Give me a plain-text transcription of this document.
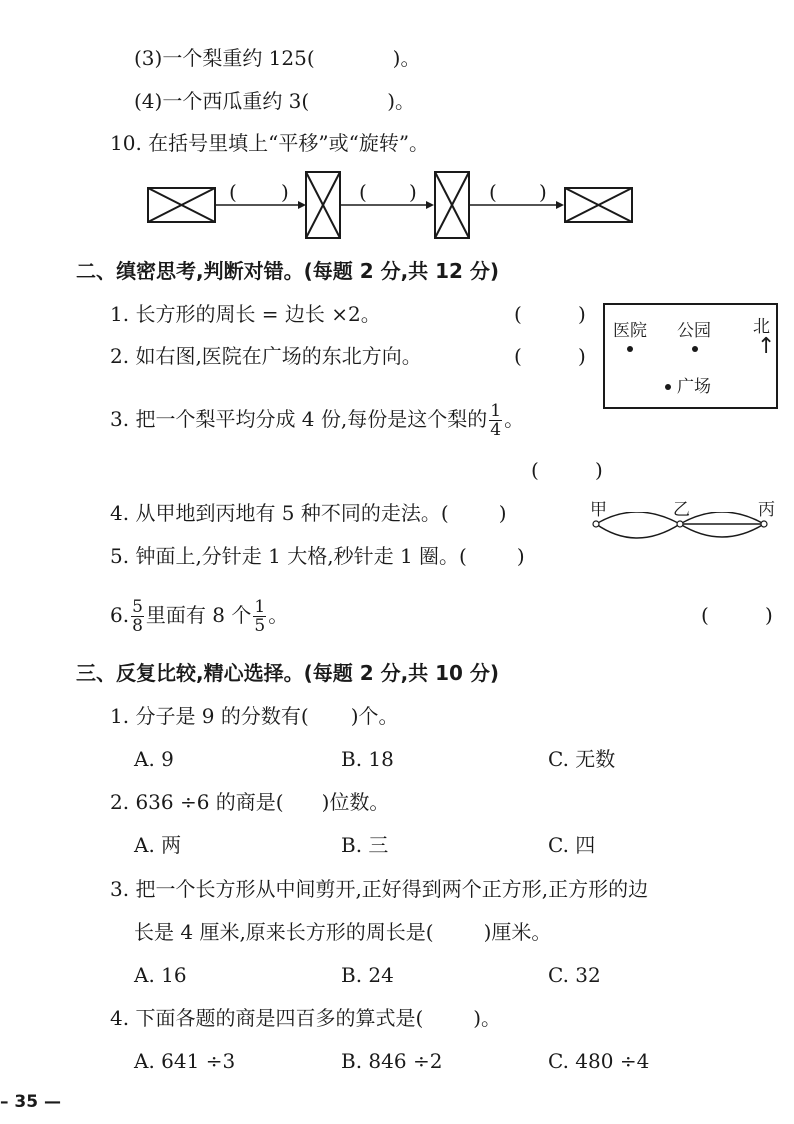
(3)一个梨重约 125(	)。
(4)一个西瓜重约 3(	)。
10. 在括号里填上“平移”或“旋转”。
( )	( )	( )
二、缜密思考,判断对错。(每题 2 分,共 12 分)
1. 长方形的周长 = 边长 ×2。	(	)
2. 如右图,医院在广场的东北方向。	(	)
医院 公园 北
↑
广场
3. 把一个梨平均分成 4 份,每份是这个梨的 $\frac{1}{4}$ 。
(	)
4. 从甲地到丙地有 5 种不同的走法。(	)	甲	乙	丙
5. 钟面上,分针走 1 大格,秒针走 1 圈。(	)
6. $\frac{5}{8}$ 里面有 8 个 $\frac{1}{5}$ 。	(	)
三、反复比较,精心选择。(每题 2 分,共 10 分)
1. 分子是 9 的分数有( )个。
A. 9	B. 18	C. 无数
2. 636 ÷6 的商是( )位数。
A. 两	B. 三	C. 四
3. 把一个长方形从中间剪开,正好得到两个正方形,正方形的边
长是 4 厘米,原来长方形的周长是(	)厘米。
A. 16	B. 24	C. 32
4. 下面各题的商是四百多的算式是(	)。
A. 641 ÷3	B. 846 ÷2	C. 480 ÷4
– 35 —
